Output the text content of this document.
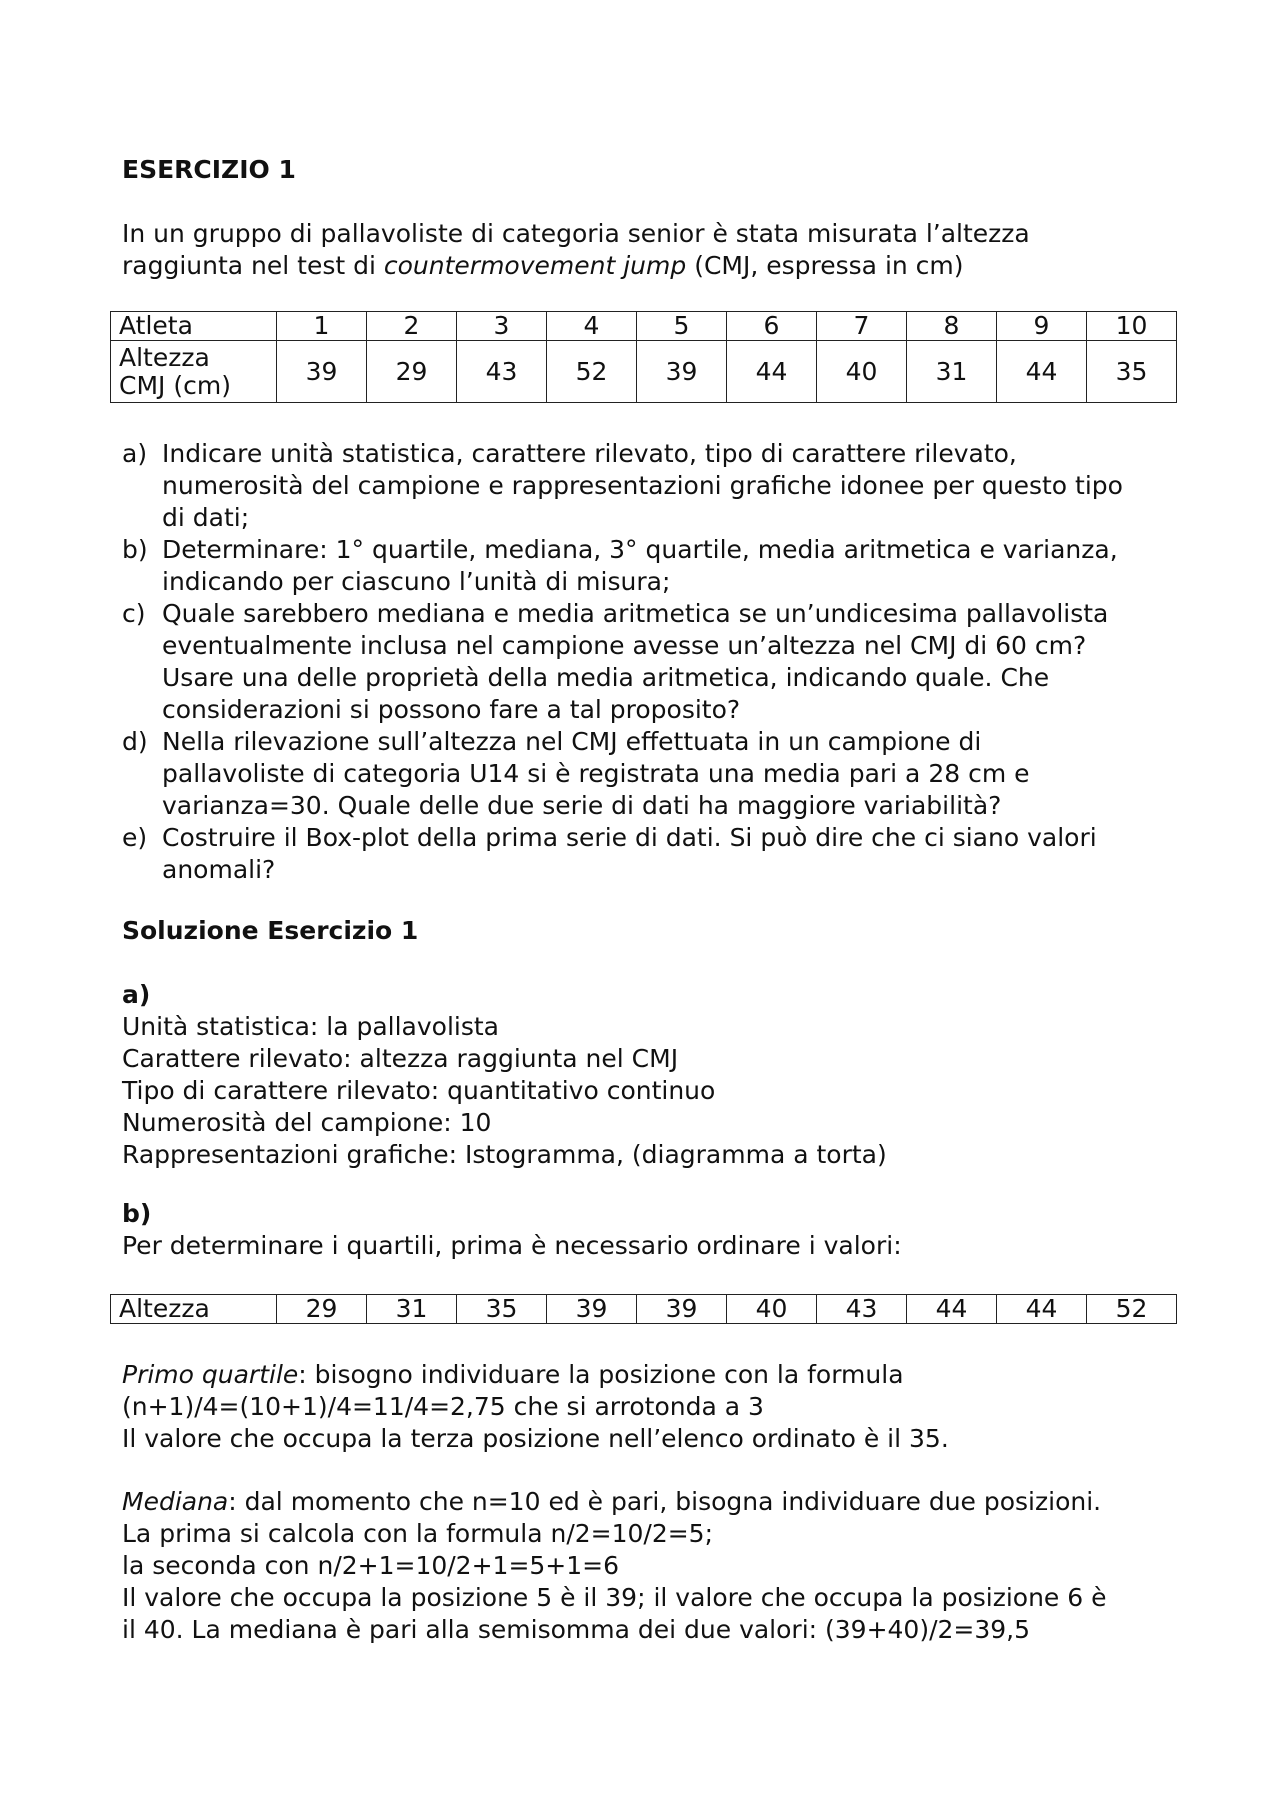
ESERCIZIO 1
In un gruppo di pallavoliste di categoria senior è stata misurata l’altezza
raggiunta nel test di countermovement jump (CMJ, espressa in cm)
Atleta	1	2	3	4	5	6	7	8	9	10
Altezza
CMJ (cm)	39	29	43	52	39	44	40	31	44	35
a) Indicare unità statistica, carattere rilevato, tipo di carattere rilevato,
numerosità del campione e rappresentazioni grafiche idonee per questo tipo
di dati;
b) Determinare: 1° quartile, mediana, 3° quartile, media aritmetica e varianza,
indicando per ciascuno l’unità di misura;
c) Quale sarebbero mediana e media aritmetica se un’undicesima pallavolista
eventualmente inclusa nel campione avesse un’altezza nel CMJ di 60 cm?
Usare una delle proprietà della media aritmetica, indicando quale. Che
considerazioni si possono fare a tal proposito?
d) Nella rilevazione sull’altezza nel CMJ effettuata in un campione di
pallavoliste di categoria U14 si è registrata una media pari a 28 cm e
varianza=30. Quale delle due serie di dati ha maggiore variabilità?
e) Costruire il Box-plot della prima serie di dati. Si può dire che ci siano valori
anomali?
Soluzione Esercizio 1
a)
Unità statistica: la pallavolista
Carattere rilevato: altezza raggiunta nel CMJ
Tipo di carattere rilevato: quantitativo continuo
Numerosità del campione: 10
Rappresentazioni grafiche: Istogramma, (diagramma a torta)
b)
Per determinare i quartili, prima è necessario ordinare i valori:
Altezza	29	31	35	39	39	40	43	44	44	52
Primo quartile: bisogno individuare la posizione con la formula
(n+1)/4=(10+1)/4=11/4=2,75 che si arrotonda a 3
Il valore che occupa la terza posizione nell’elenco ordinato è il 35.
Mediana: dal momento che n=10 ed è pari, bisogna individuare due posizioni.
La prima si calcola con la formula n/2=10/2=5;
la seconda con n/2+1=10/2+1=5+1=6
Il valore che occupa la posizione 5 è il 39; il valore che occupa la posizione 6 è
il 40. La mediana è pari alla semisomma dei due valori: (39+40)/2=39,5
